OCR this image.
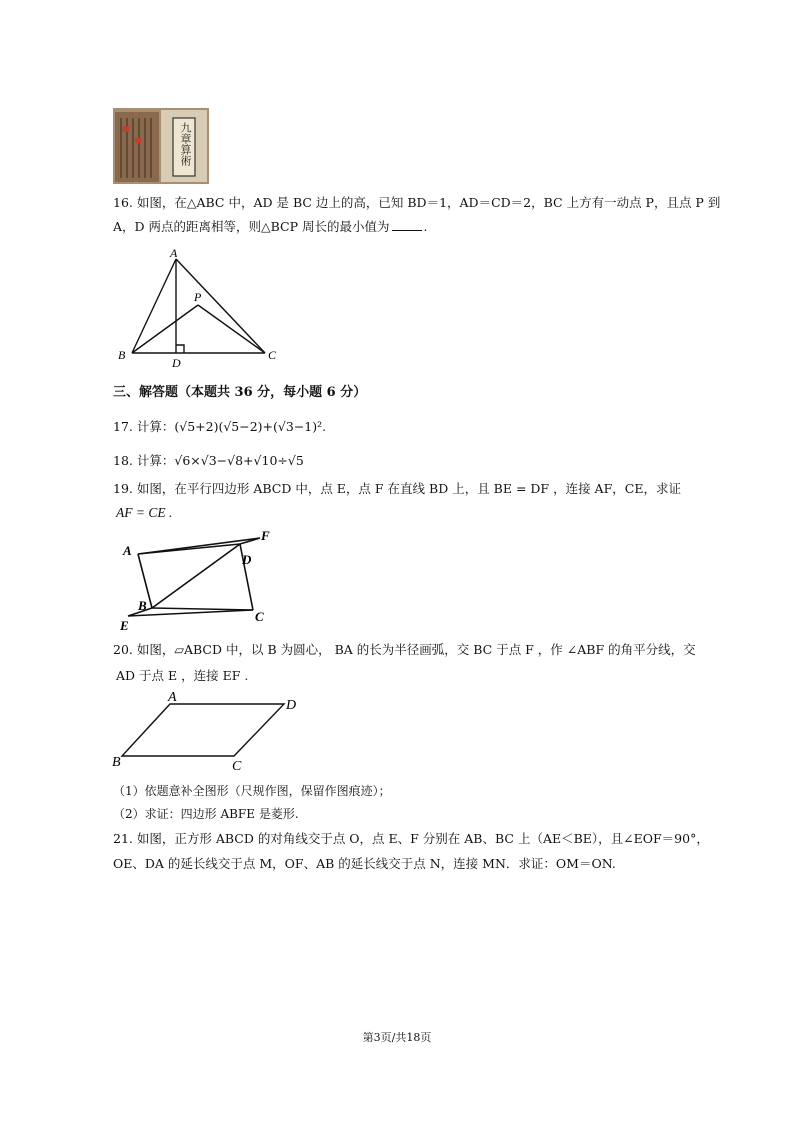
九章算術
16. 如图，在△ABC 中，AD 是 BC 边上的高，已知 BD＝1，AD＝CD＝2，BC 上方有一动点 P，且点 P 到
A，D 两点的距离相等，则△BCP 周长的最小值为	.
A
B	C
D
P
三、解答题（本题共 36 分，每小题 6 分）
17. 计算：(√5+2)(√5−2)+(√3−1)².
18. 计算：√6×√3−√8+√10÷√5
19. 如图，在平行四边形 ABCD 中，点 E，点 F 在直线 BD 上，且 BE = DF ，连接 AF，CE，求证
AF = CE .
A
B
C
D
E
F
20. 如图，▱ABCD 中，以 B 为圆心， BA 的长为半径画弧，交 BC 于点 F ，作 ∠ABF 的角平分线，交
AD 于点 E ，连接 EF .
A
B	C
D
（1）依题意补全图形（尺规作图，保留作图痕迹）；
（2）求证：四边形 ABFE 是菱形.
21. 如图，正方形 ABCD 的对角线交于点 O，点 E、F 分别在 AB、BC 上（AE＜BE），且∠EOF＝90°，
OE、DA 的延长线交于点 M，OF、AB 的延长线交于点 N，连接 MN．求证：OM＝ON.
第3页/共18页
